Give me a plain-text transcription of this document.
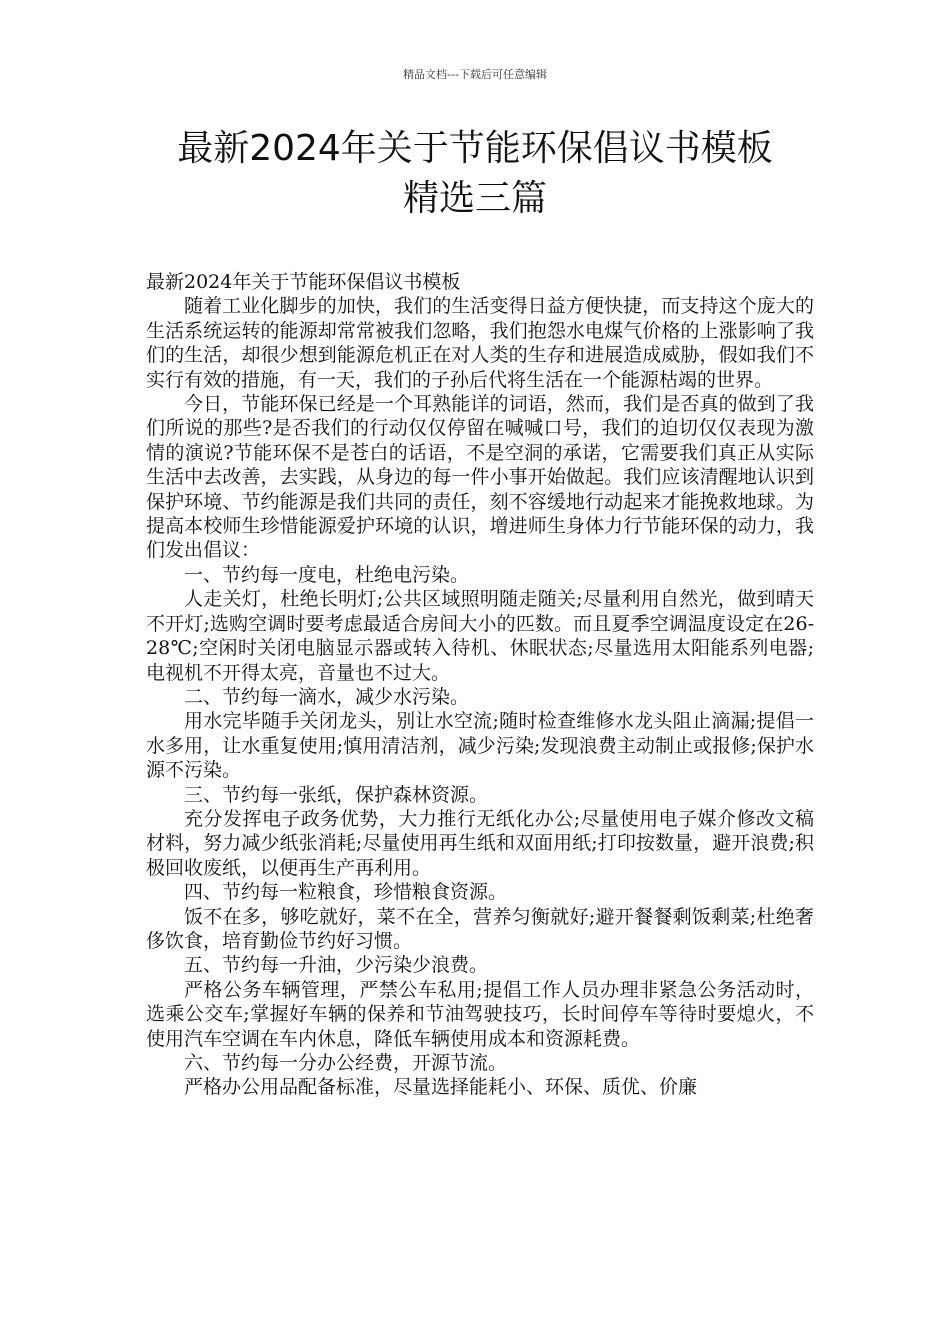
精品文档---下载后可任意编辑
最新2024年关于节能环保倡议书模板
精选三篇

最新2024年关于节能环保倡议书模板

随着工业化脚步的加快，我们的生活变得日益方便快捷，而支持这个庞大的生活系统运转的能源却常常被我们忽略，我们抱怨水电煤气价格的上涨影响了我们的生活，却很少想到能源危机正在对人类的生存和进展造成威胁，假如我们不实行有效的措施，有一天，我们的子孙后代将生活在一个能源枯竭的世界。

今日，节能环保已经是一个耳熟能详的词语，然而，我们是否真的做到了我们所说的那些?是否我们的行动仅仅停留在喊喊口号，我们的迫切仅仅表现为激情的演说?节能环保不是苍白的话语，不是空洞的承诺，它需要我们真正从实际生活中去改善，去实践，从身边的每一件小事开始做起。我们应该清醒地认识到保护环境、节约能源是我们共同的责任，刻不容缓地行动起来才能挽救地球。为提高本校师生珍惜能源爱护环境的认识，增进师生身体力行节能环保的动力，我们发出倡议：

一、节约每一度电，杜绝电污染。

人走关灯，杜绝长明灯;公共区域照明随走随关;尽量利用自然光，做到晴天不开灯;选购空调时要考虑最适合房间大小的匹数。而且夏季空调温度设定在26-28℃;空闲时关闭电脑显示器或转入待机、休眠状态;尽量选用太阳能系列电器;电视机不开得太亮，音量也不过大。

二、节约每一滴水，减少水污染。

用水完毕随手关闭龙头，别让水空流;随时检查维修水龙头阻止滴漏;提倡一水多用，让水重复使用;慎用清洁剂，减少污染;发现浪费主动制止或报修;保护水源不污染。

三、节约每一张纸，保护森林资源。

充分发挥电子政务优势，大力推行无纸化办公;尽量使用电子媒介修改文稿材料，努力减少纸张消耗;尽量使用再生纸和双面用纸;打印按数量，避开浪费;积极回收废纸，以便再生产再利用。

四、节约每一粒粮食，珍惜粮食资源。

饭不在多，够吃就好，菜不在全，营养匀衡就好;避开餐餐剩饭剩菜;杜绝奢侈饮食，培育勤俭节约好习惯。

五、节约每一升油，少污染少浪费。

严格公务车辆管理，严禁公车私用;提倡工作人员办理非紧急公务活动时，选乘公交车;掌握好车辆的保养和节油驾驶技巧，长时间停车等待时要熄火，不使用汽车空调在车内休息，降低车辆使用成本和资源耗费。

六、节约每一分办公经费，开源节流。

严格办公用品配备标准，尽量选择能耗小、环保、质优、价廉
